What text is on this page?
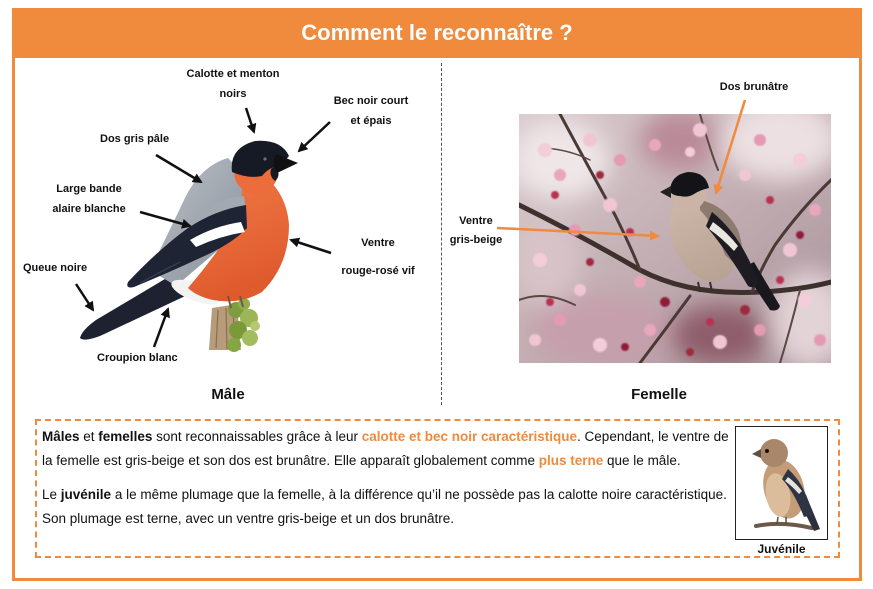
Comment le reconnaître ?
Calotte et menton
noirs
Bec noir court
et épais
Dos gris pâle
Large bande
alaire blanche
Queue noire
Ventre
rouge-rosé vif
Croupion blanc
Mâle
Dos brunâtre
Ventre
gris-beige
Femelle

Mâles et femelles sont reconnaissables grâce à leur calotte et bec noir caractéristique. Cependant, le ventre de la femelle est gris-beige et son dos est brunâtre. Elle apparaît globalement comme plus terne que le mâle.

Le juvénile a le même plumage que la femelle, à la différence qu’il ne possède pas la calotte noire caractéristique. Son plumage est terne, avec un ventre gris-beige et un dos brunâtre.

Juvénile
